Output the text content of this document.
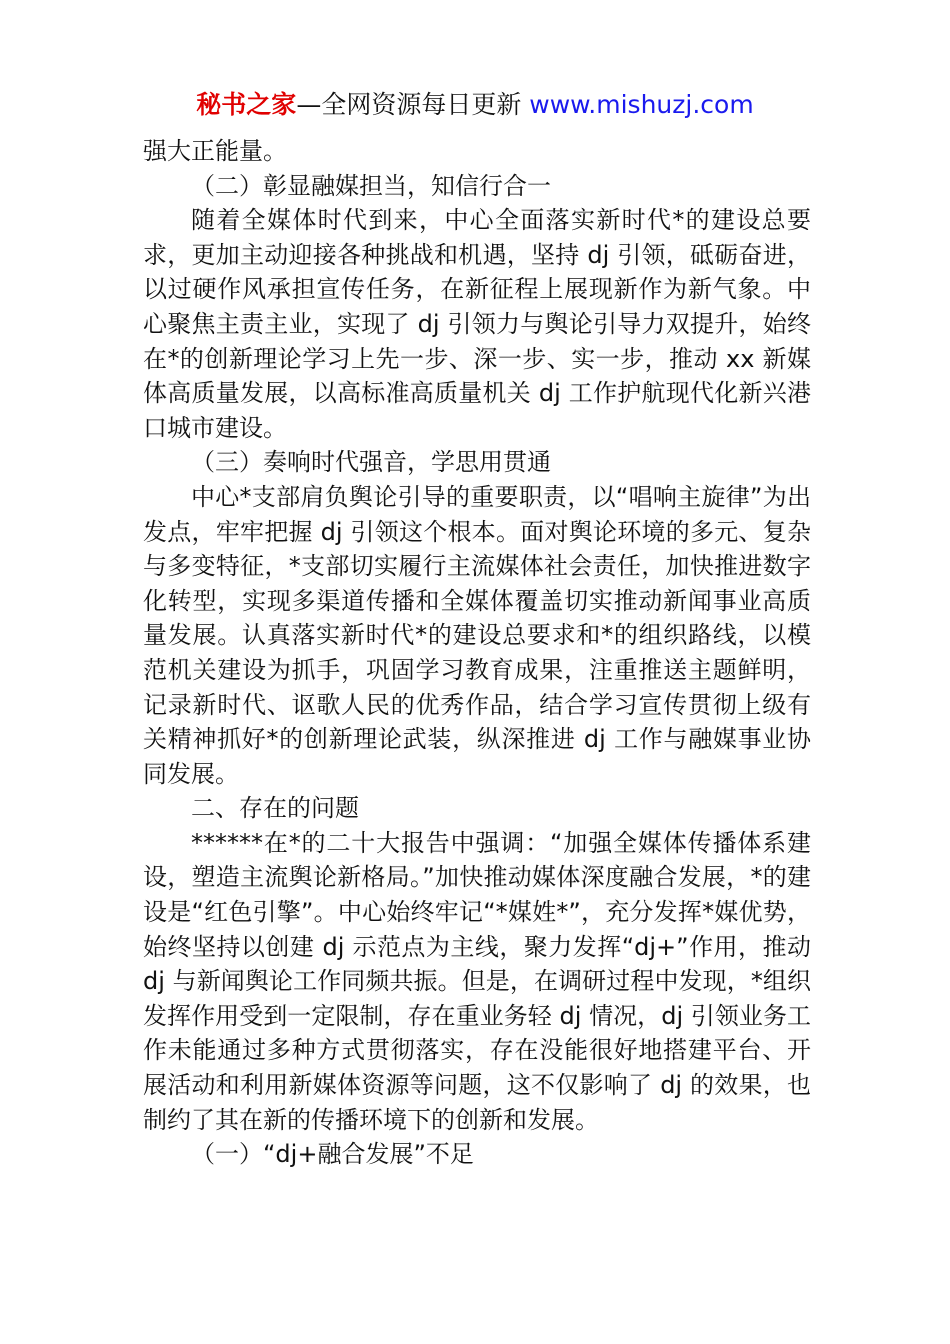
秘书之家—全网资源每日更新 www.mishuzj.com

强大正能量。

（二）彰显融媒担当，知信行合一

随着全媒体时代到来，中心全面落实新时代*的建设总要求，更加主动迎接各种挑战和机遇，坚持 dj 引领，砥砺奋进，以过硬作风承担宣传任务，在新征程上展现新作为新气象。中心聚焦主责主业，实现了 dj 引领力与舆论引导力双提升，始终在*的创新理论学习上先一步、深一步、实一步，推动 xx 新媒体高质量发展，以高标准高质量机关 dj 工作护航现代化新兴港口城市建设。

（三）奏响时代强音，学思用贯通

中心*支部肩负舆论引导的重要职责，以“唱响主旋律”为出发点，牢牢把握 dj 引领这个根本。面对舆论环境的多元、复杂与多变特征，*支部切实履行主流媒体社会责任，加快推进数字化转型，实现多渠道传播和全媒体覆盖切实推动新闻事业高质量发展。认真落实新时代*的建设总要求和*的组织路线，以模范机关建设为抓手，巩固学习教育成果，注重推送主题鲜明，记录新时代、讴歌人民的优秀作品，结合学习宣传贯彻上级有关精神抓好*的创新理论武装，纵深推进 dj 工作与融媒事业协同发展。

二、存在的问题

******在*的二十大报告中强调：“加强全媒体传播体系建设，塑造主流舆论新格局。”加快推动媒体深度融合发展，*的建设是“红色引擎”。中心始终牢记“*媒姓*”，充分发挥*媒优势，始终坚持以创建 dj 示范点为主线，聚力发挥“dj+”作用，推动 dj 与新闻舆论工作同频共振。但是，在调研过程中发现，*组织发挥作用受到一定限制，存在重业务轻 dj 情况，dj 引领业务工作未能通过多种方式贯彻落实，存在没能很好地搭建平台、开展活动和利用新媒体资源等问题，这不仅影响了 dj 的效果，也制约了其在新的传播环境下的创新和发展。

（一）“dj+融合发展”不足
